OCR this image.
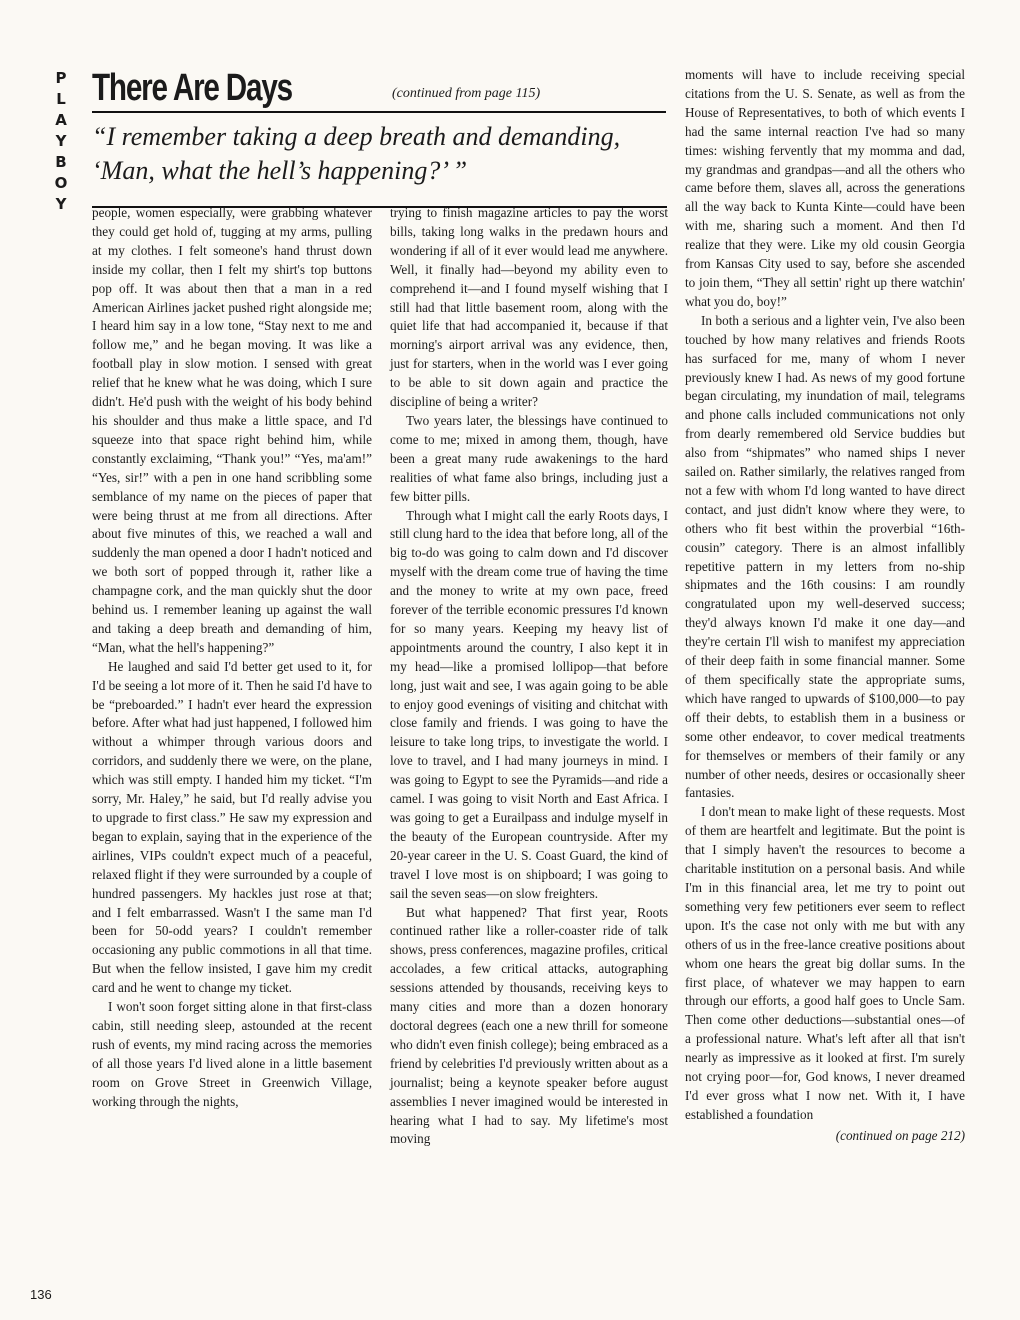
P
L
A
Y
B
O
Y
There Are Days	(continued from page 115)
“I remember taking a deep breath and demanding, ‘Man, what the hell’s happening?’ ”

people, women especially, were grabbing whatever they could get hold of, tugging at my arms, pulling at my clothes. I felt someone's hand thrust down inside my collar, then I felt my shirt's top buttons pop off. It was about then that a man in a red American Airlines jacket pushed right alongside me; I heard him say in a low tone, “Stay next to me and follow me,” and he began moving. It was like a football play in slow motion. I sensed with great relief that he knew what he was doing, which I sure didn't. He'd push with the weight of his body behind his shoulder and thus make a little space, and I'd squeeze into that space right behind him, while constantly exclaiming, “Thank you!” “Yes, ma'am!” “Yes, sir!” with a pen in one hand scribbling some semblance of my name on the pieces of paper that were being thrust at me from all directions. After about five minutes of this, we reached a wall and suddenly the man opened a door I hadn't noticed and we both sort of popped through it, rather like a champagne cork, and the man quickly shut the door behind us. I remember leaning up against the wall and taking a deep breath and demanding of him, “Man, what the hell's happening?”

He laughed and said I'd better get used to it, for I'd be seeing a lot more of it. Then he said I'd have to be “preboarded.” I hadn't ever heard the expression before. After what had just happened, I followed him without a whimper through various doors and corridors, and suddenly there we were, on the plane, which was still empty. I handed him my ticket. “I'm sorry, Mr. Haley,” he said, but I'd really advise you to upgrade to first class.” He saw my expression and began to explain, saying that in the experience of the airlines, VIPs couldn't expect much of a peaceful, relaxed flight if they were surrounded by a couple of hundred passengers. My hackles just rose at that; and I felt embarrassed. Wasn't I the same man I'd been for 50-odd years? I couldn't remember occasioning any public commotions in all that time. But when the fellow insisted, I gave him my credit card and he went to change my ticket.

I won't soon forget sitting alone in that first-class cabin, still needing sleep, astounded at the recent rush of events, my mind racing across the memories of all those years I'd lived alone in a little basement room on Grove Street in Greenwich Village, working through the nights,

trying to finish magazine articles to pay the worst bills, taking long walks in the predawn hours and wondering if all of it ever would lead me anywhere. Well, it finally had—beyond my ability even to comprehend it—and I found myself wishing that I still had that little basement room, along with the quiet life that had accompanied it, because if that morning's airport arrival was any evidence, then, just for starters, when in the world was I ever going to be able to sit down again and practice the discipline of being a writer?

Two years later, the blessings have continued to come to me; mixed in among them, though, have been a great many rude awakenings to the hard realities of what fame also brings, including just a few bitter pills.

Through what I might call the early Roots days, I still clung hard to the idea that before long, all of the big to-do was going to calm down and I'd discover myself with the dream come true of having the time and the money to write at my own pace, freed forever of the terrible economic pressures I'd known for so many years. Keeping my heavy list of appointments around the country, I also kept it in my head—like a promised lollipop—that before long, just wait and see, I was again going to be able to enjoy good evenings of visiting and chitchat with close family and friends. I was going to have the leisure to take long trips, to investigate the world. I love to travel, and I had many journeys in mind. I was going to Egypt to see the Pyramids—and ride a camel. I was going to visit North and East Africa. I was going to get a Eurailpass and indulge myself in the beauty of the European countryside. After my 20-year career in the U. S. Coast Guard, the kind of travel I love most is on shipboard; I was going to sail the seven seas—on slow freighters.

But what happened? That first year, Roots continued rather like a roller-coaster ride of talk shows, press conferences, magazine profiles, critical accolades, a few critical attacks, autographing sessions attended by thousands, receiving keys to many cities and more than a dozen honorary doctoral degrees (each one a new thrill for someone who didn't even finish college); being embraced as a friend by celebrities I'd previously written about as a journalist; being a keynote speaker before august assemblies I never imagined would be interested in hearing what I had to say. My lifetime's most moving

moments will have to include receiving special citations from the U. S. Senate, as well as from the House of Representatives, to both of which events I had the same internal reaction I've had so many times: wishing fervently that my momma and dad, my grandmas and grandpas—and all the others who came before them, slaves all, across the generations all the way back to Kunta Kinte—could have been with me, sharing such a moment. And then I'd realize that they were. Like my old cousin Georgia from Kansas City used to say, before she ascended to join them, “They all settin' right up there watchin' what you do, boy!”

In both a serious and a lighter vein, I've also been touched by how many relatives and friends Roots has surfaced for me, many of whom I never previously knew I had. As news of my good fortune began circulating, my inundation of mail, telegrams and phone calls included communications not only from dearly remembered old Service buddies but also from “shipmates” who named ships I never sailed on. Rather similarly, the relatives ranged from not a few with whom I'd long wanted to have direct contact, and just didn't know where they were, to others who fit best within the proverbial “16th-cousin” category. There is an almost infallibly repetitive pattern in my letters from no-ship shipmates and the 16th cousins: I am roundly congratulated upon my well-deserved success; they'd always known I'd make it one day—and they're certain I'll wish to manifest my appreciation of their deep faith in some financial manner. Some of them specifically state the appropriate sums, which have ranged to upwards of $100,000—to pay off their debts, to establish them in a business or some other endeavor, to cover medical treatments for themselves or members of their family or any number of other needs, desires or occasionally sheer fantasies.

I don't mean to make light of these requests. Most of them are heartfelt and legitimate. But the point is that I simply haven't the resources to become a charitable institution on a personal basis. And while I'm in this financial area, let me try to point out something very few petitioners ever seem to reflect upon. It's the case not only with me but with any others of us in the free-lance creative positions about whom one hears the great big dollar sums. In the first place, of whatever we may happen to earn through our efforts, a good half goes to Uncle Sam. Then come other deductions—substantial ones—of a professional nature. What's left after all that isn't nearly as impressive as it looked at first. I'm surely not crying poor—for, God knows, I never dreamed I'd ever gross what I now net. With it, I have established a foundation

(continued on page 212)

136
